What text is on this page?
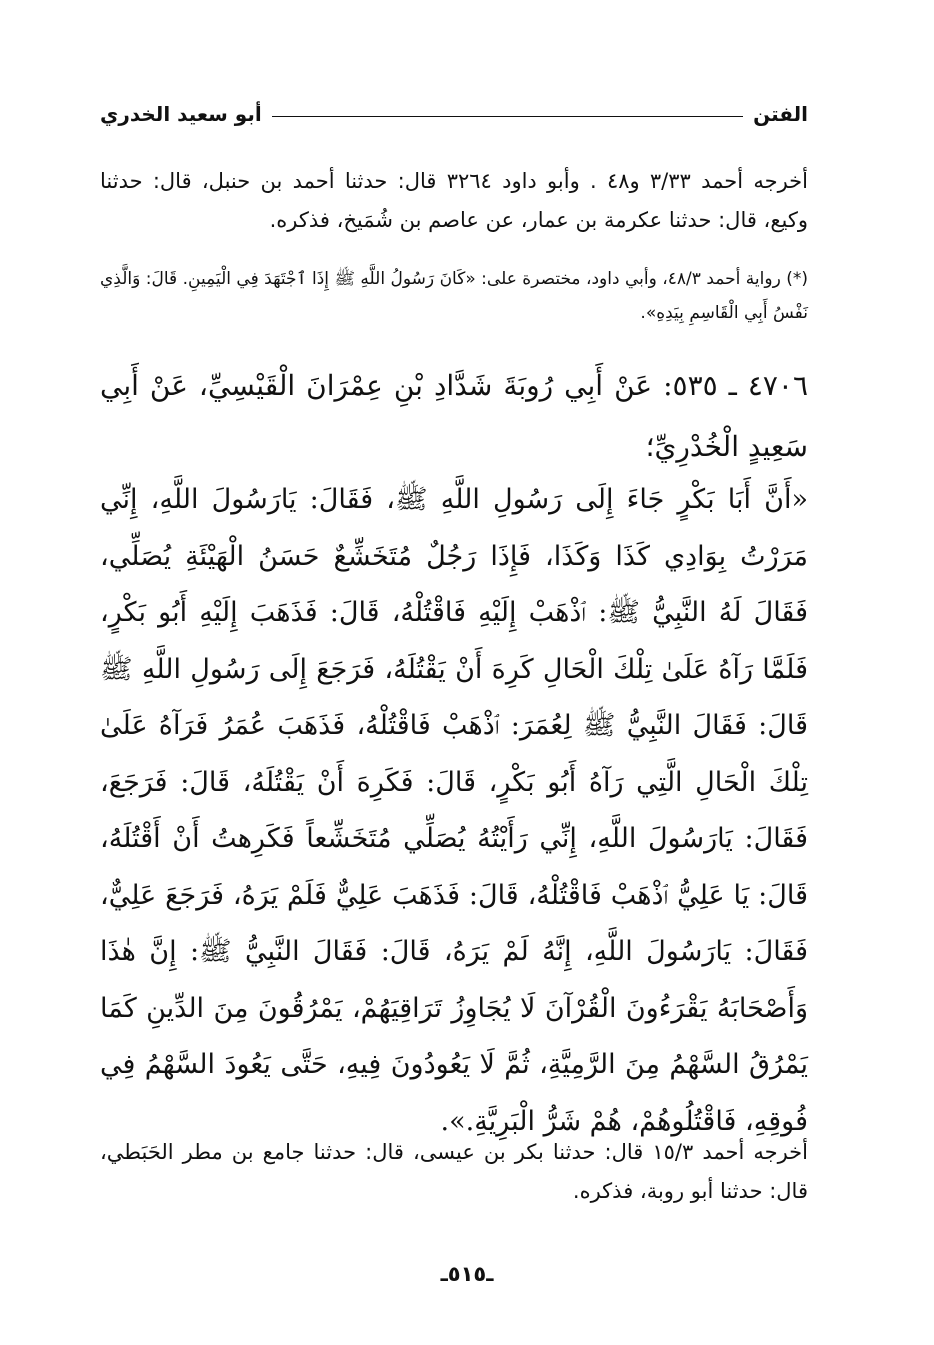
الفتن
أبو سعيد الخدري
أخرجه أحمد ٣/٣٣ و٤٨ . وأبو داود ٣٢٦٤ قال: حدثنا أحمد بن حنبل، قال: حدثنا وكيع، قال: حدثنا عكرمة بن عمار، عن عاصم بن شُمَيخ، فذكره.
(*) رواية أحمد ٤٨/٣، وأبي داود، مختصرة على: «كَانَ رَسُولُ اللَّهِ ﷺ إِذَا ٱجْتَهَدَ فِي الْيَمِينِ. قَالَ: وَالَّذِي نَفْسُ أَبِي الْقَاسِمِ بِيَدِهِ».
٤٧٠٦ ـ ٥٣٥: عَنْ أَبِي رُوبَةَ شَدَّادِ بْنِ عِمْرَانَ الْقَيْسِيِّ، عَنْ أَبِي سَعِيدٍ الْخُدْرِيِّ؛
«أَنَّ أَبَا بَكْرٍ جَاءَ إِلَى رَسُولِ اللَّهِ ﷺ، فَقَالَ: يَارَسُولَ اللَّهِ، إِنِّي مَرَرْتُ بِوَادِي كَذَا وَكَذَا، فَإِذَا رَجُلٌ مُتَخَشِّعٌ حَسَنُ الْهَيْئَةِ يُصَلِّي، فَقَالَ لَهُ النَّبِيُّ ﷺ: ٱذْهَبْ إِلَيْهِ فَاقْتُلْهُ، قَالَ: فَذَهَبَ إِلَيْهِ أَبُو بَكْرٍ، فَلَمَّا رَآهُ عَلَىٰ تِلْكَ الْحَالِ كَرِهَ أَنْ يَقْتُلَهُ، فَرَجَعَ إِلَى رَسُولِ اللَّهِ ﷺ قَالَ: فَقَالَ النَّبِيُّ ﷺ لِعُمَرَ: ٱذْهَبْ فَاقْتُلْهُ، فَذَهَبَ عُمَرُ فَرَآهُ عَلَىٰ تِلْكَ الْحَالِ الَّتِي رَآهُ أَبُو بَكْرٍ، قَالَ: فَكَرِهَ أَنْ يَقْتُلَهُ، قَالَ: فَرَجَعَ، فَقَالَ: يَارَسُولَ اللَّهِ، إِنِّي رَأَيْتُهُ يُصَلِّي مُتَخَشِّعاً فَكَرِهتُ أَنْ أَقْتُلَهُ، قَالَ: يَا عَلِيُّ ٱذْهَبْ فَاقْتُلْهُ، قَالَ: فَذَهَبَ عَلِيٌّ فَلَمْ يَرَهُ، فَرَجَعَ عَلِيٌّ، فَقَالَ: يَارَسُولَ اللَّهِ، إِنَّهُ لَمْ يَرَهُ، قَالَ: فَقَالَ النَّبِيُّ ﷺ: إِنَّ هٰذَا وَأَصْحَابَهُ يَقْرَءُونَ الْقُرْآنَ لَا يُجَاوِزُ تَرَاقِيَهُمْ، يَمْرُقُونَ مِنَ الدِّينِ كَمَا يَمْرُقُ السَّهْمُ مِنَ الرَّمِيَّةِ، ثُمَّ لَا يَعُودُونَ فِيهِ، حَتَّى يَعُودَ السَّهْمُ فِي فُوقِهِ، فَاقْتُلُوهُمْ، هُمْ شَرُّ الْبَرِيَّةِ.».
أخرجه أحمد ١٥/٣ قال: حدثنا بكر بن عيسى، قال: حدثنا جامع بن مطر الحَبَطي، قال: حدثنا أبو روبة، فذكره.
ـ٥١٥ـ
